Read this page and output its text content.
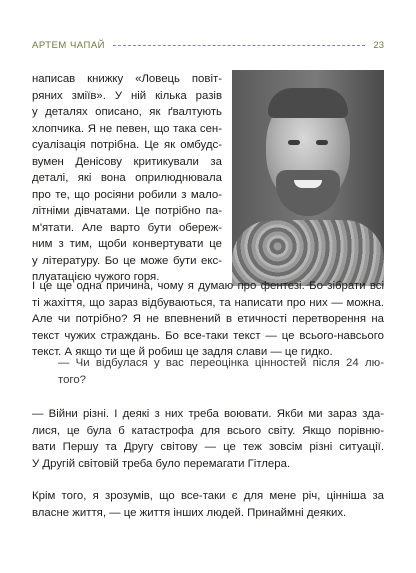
АРТЕМ ЧАПАЙ	23

написав книжку «Ловець повіт-
ряних зміїв». У ній кілька разів
у деталях описано, як ґвалтують
хлопчика. Я не певен, що така сен-
суалізація потрібна. Це як омбудс-
вумен Денісову критикували за
деталі, які вона оприлюднювала
про те, що росіяни робили з мало-
літніми дівчатами. Це потрібно па-
м'ятати. Але варто бути обереж-
ним з тим, щоби конвертувати це
у літературу. Бо це може бути екс-
плуатацією чужого горя.

І це ще одна причина, чому я думаю про фентезі. Бо зібрати всі
ті жахіття, що зараз відбуваються, та написати про них — можна.
Але чи потрібно? Я не впевнений в етичності перетворення на
текст чужих страждань. Бо все-таки текст — це всього-навсього
текст. А якщо ти ще й робиш це задля слави — це гидко.

— Чи відбулася у вас переоцінка цінностей після 24 лю-
того?

— Війни різні. І деякі з них треба воювати. Якби ми зараз зда-
лися, це була б катастрофа для всього світу. Якщо порівню-
вати Першу та Другу світову — це теж зовсім різні ситуації.
У Другій світовій треба було перемагати Гітлера.

Крім того, я зрозумів, що все-таки є для мене річ, цінніша за
власне життя, — це життя інших людей. Принаймні деяких.
